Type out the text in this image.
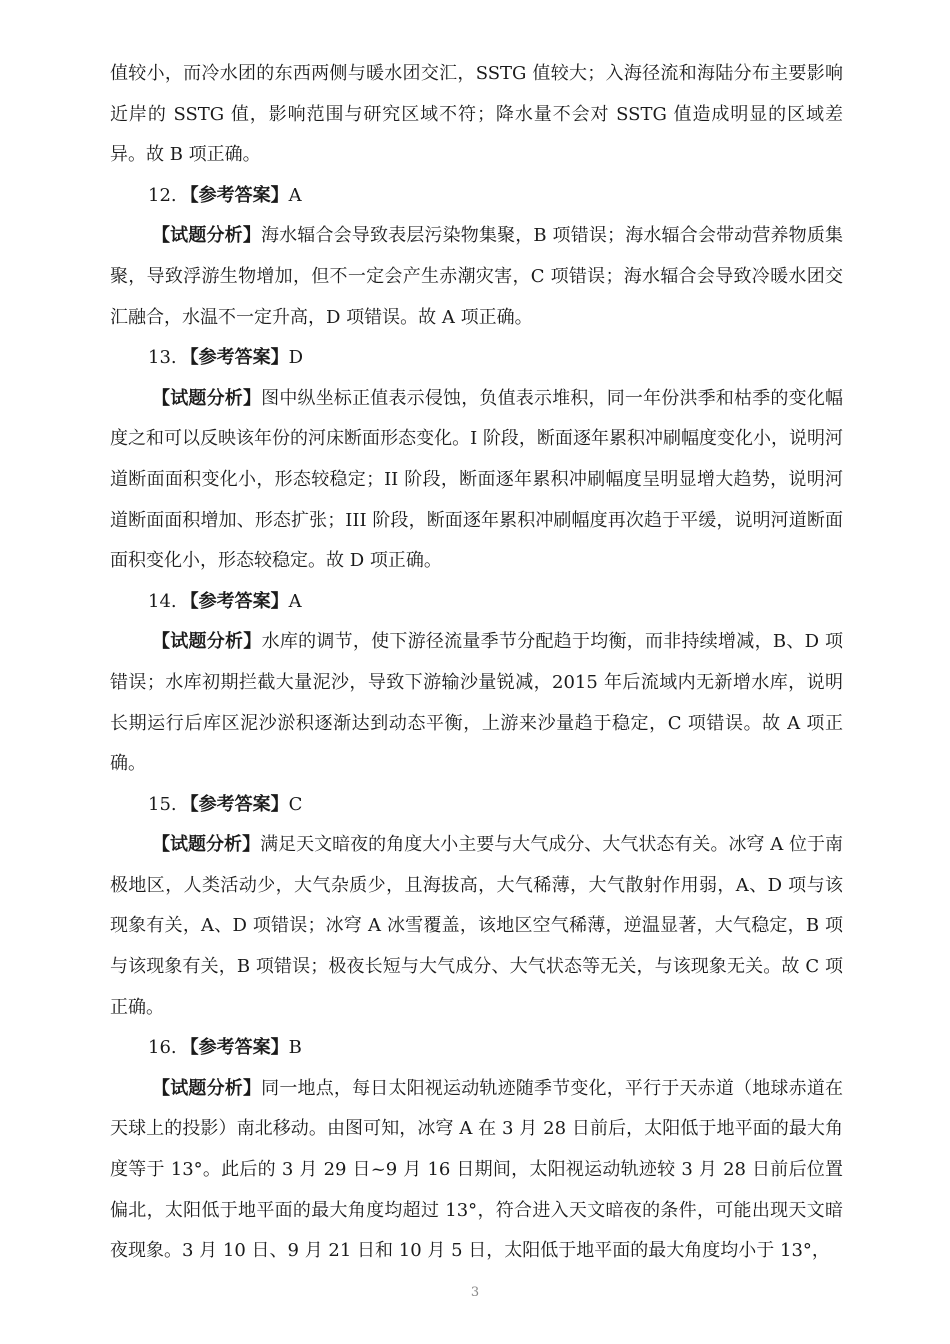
值较小，而冷水团的东西两侧与暖水团交汇，SSTG 值较大；入海径流和海陆分布主要影响近岸的 SSTG 值，影响范围与研究区域不符；降水量不会对 SSTG 值造成明显的区域差异。故 B 项正确。

12. 【参考答案】A

【试题分析】海水辐合会导致表层污染物集聚，B 项错误；海水辐合会带动营养物质集聚，导致浮游生物增加，但不一定会产生赤潮灾害，C 项错误；海水辐合会导致冷暖水团交汇融合，水温不一定升高，D 项错误。故 A 项正确。

13. 【参考答案】D

【试题分析】图中纵坐标正值表示侵蚀，负值表示堆积，同一年份洪季和枯季的变化幅度之和可以反映该年份的河床断面形态变化。I 阶段，断面逐年累积冲刷幅度变化小，说明河道断面面积变化小，形态较稳定；II 阶段，断面逐年累积冲刷幅度呈明显增大趋势，说明河道断面面积增加、形态扩张；III 阶段，断面逐年累积冲刷幅度再次趋于平缓，说明河道断面面积变化小，形态较稳定。故 D 项正确。

14. 【参考答案】A

【试题分析】水库的调节，使下游径流量季节分配趋于均衡，而非持续增减，B、D 项错误；水库初期拦截大量泥沙，导致下游输沙量锐减，2015 年后流域内无新增水库，说明长期运行后库区泥沙淤积逐渐达到动态平衡，上游来沙量趋于稳定，C 项错误。故 A 项正确。

15. 【参考答案】C

【试题分析】满足天文暗夜的角度大小主要与大气成分、大气状态有关。冰穹 A 位于南极地区，人类活动少，大气杂质少，且海拔高，大气稀薄，大气散射作用弱，A、D 项与该现象有关，A、D 项错误；冰穹 A 冰雪覆盖，该地区空气稀薄，逆温显著，大气稳定，B 项与该现象有关，B 项错误；极夜长短与大气成分、大气状态等无关，与该现象无关。故 C 项正确。

16. 【参考答案】B

【试题分析】同一地点，每日太阳视运动轨迹随季节变化，平行于天赤道（地球赤道在天球上的投影）南北移动。由图可知，冰穹 A 在 3 月 28 日前后，太阳低于地平面的最大角度等于 13°。此后的 3 月 29 日~9 月 16 日期间，太阳视运动轨迹较 3 月 28 日前后位置偏北，太阳低于地平面的最大角度均超过 13°，符合进入天文暗夜的条件，可能出现天文暗夜现象。3 月 10 日、9 月 21 日和 10 月 5 日，太阳低于地平面的最大角度均小于 13°，

3
